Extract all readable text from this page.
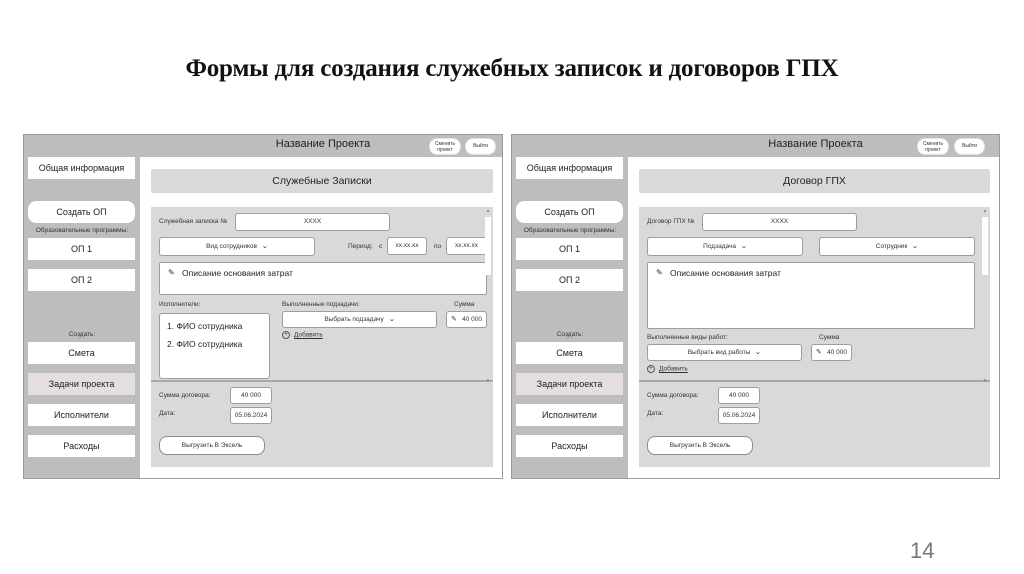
Формы для создания служебных записок и договоров ГПХ
Название Проекта	Сменить проект
Выйти
Общая информация
Создать ОП
Образовательные программы:
ОП 1
ОП 2
Создать:
Смета
Задачи проекта
Исполнители
Расходы
Служебные Записки
Служебная записка №	XXXX
Вид сотрудников ⌄	Период: с	xx.xx.xx	по	xx.xx.xx
✎ Описание основания затрат
Исполнители:
1. ФИО сотрудника
2. ФИО сотрудника
Выполненные подзадачи:
Выбрать подзадачу ⌄
Сумма
✎ 40 000
+ Добавить
▴
▾
Сумма договора:	40 000
Дата:	05.06.2024
Выгрузить В Эксель
Название Проекта	Сменить проект
Выйти
Общая информация
Создать ОП
Образовательные программы:
ОП 1
ОП 2
Создать:
Смета
Задачи проекта
Исполнители
Расходы
Договор ГПХ
Договор ГПХ №	XXXX
Подзадача ⌄	Сотрудник ⌄
✎ Описание основания затрат
Выполненные виды работ:
Выбрать вид работы ⌄
Сумма
✎ 40 000
+ Добавить
▴
▾
Сумма договора:	40 000
Дата:	05.06.2024
Выгрузить В Эксель
14
